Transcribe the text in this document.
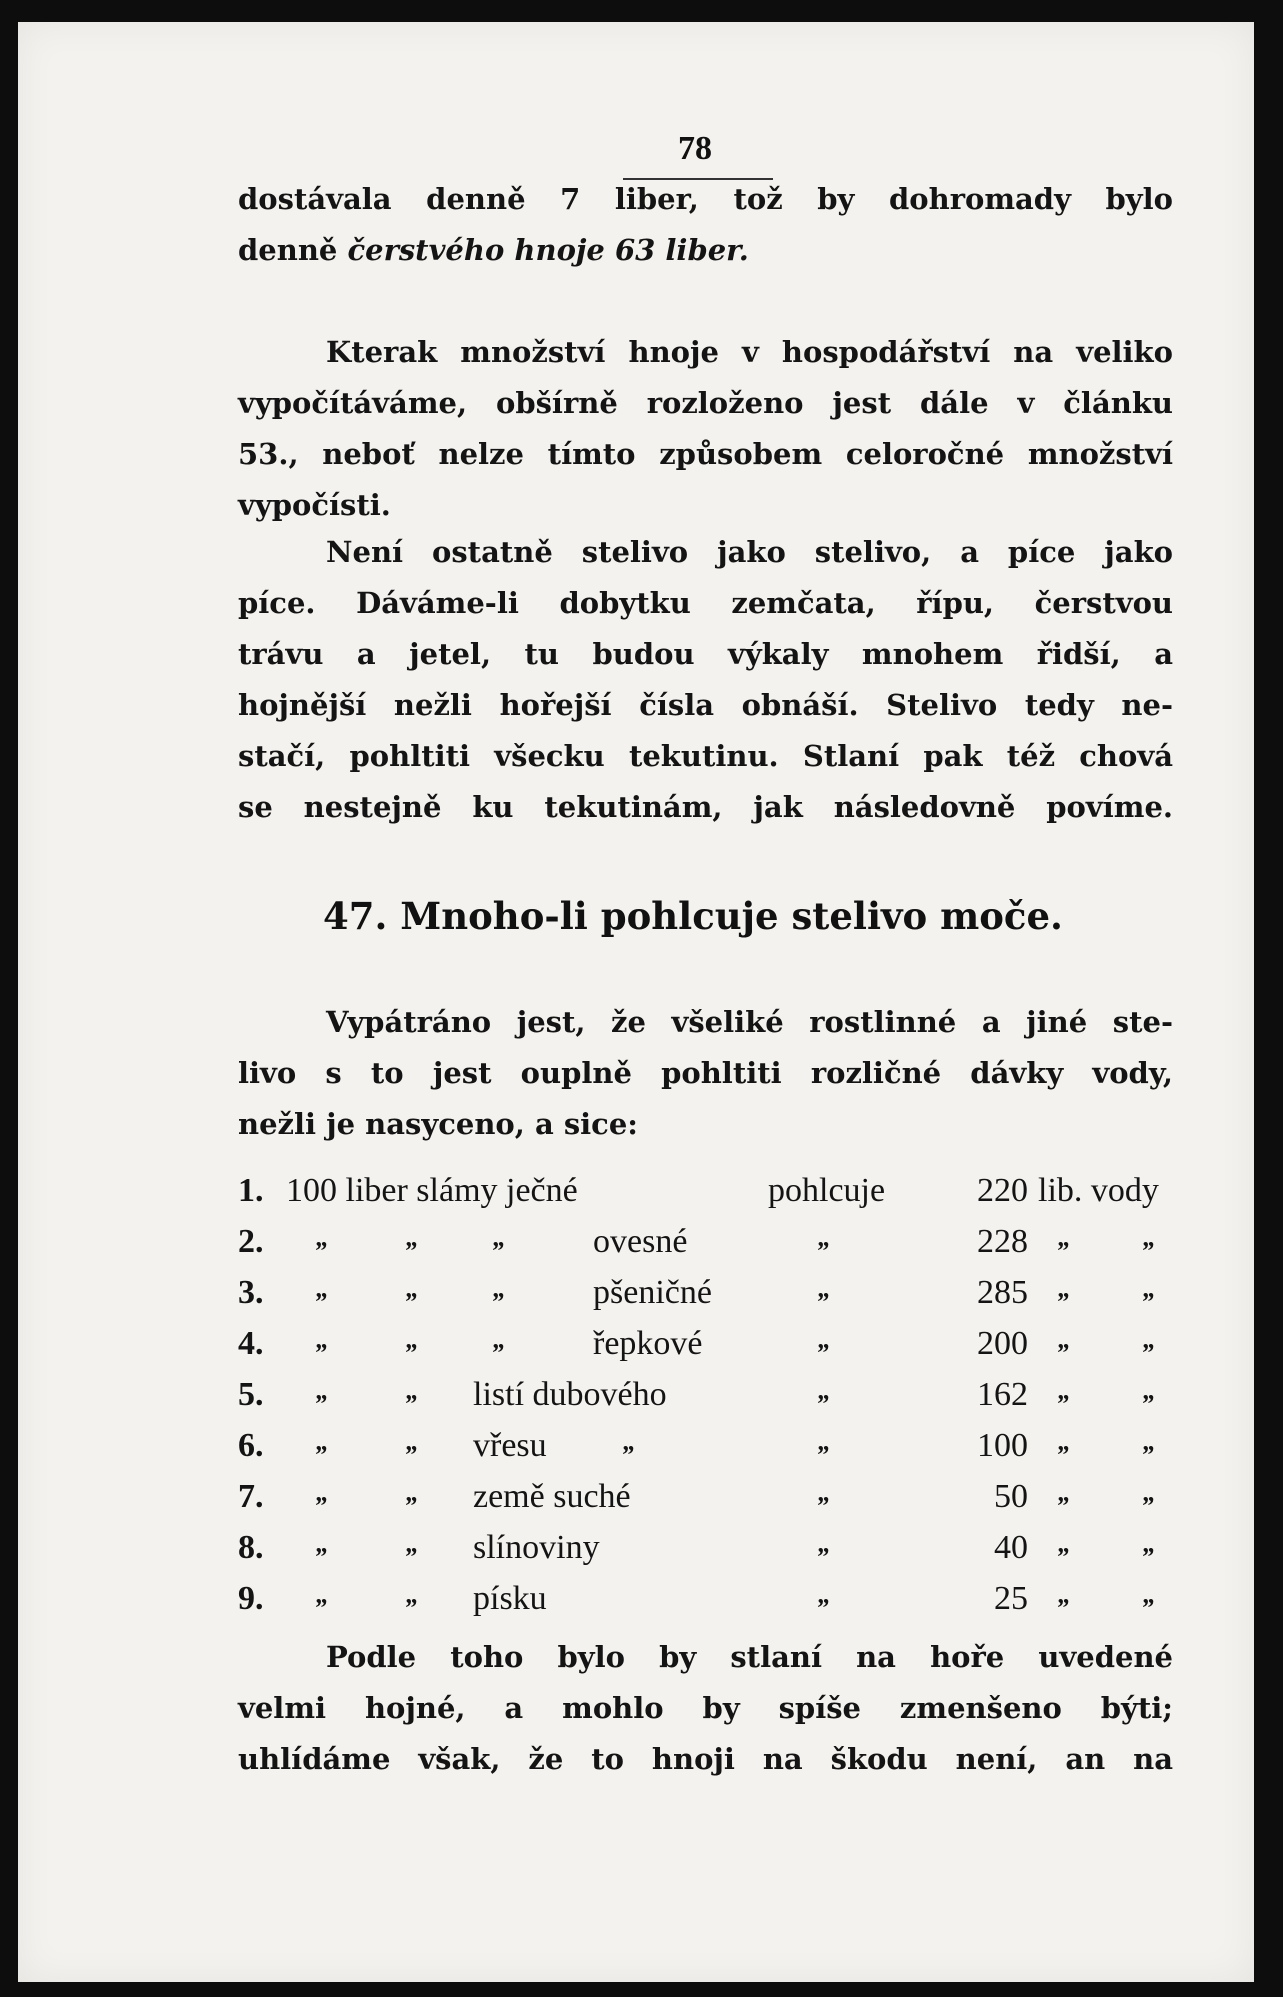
78
dostávala denně 7 liber, tož by dohromady bylo
denně čerstvého hnoje 63 liber.
Kterak množství hnoje v hospodářství na veliko
vypočítáváme, obšírně rozloženo jest dále v článku
53., neboť nelze tímto způsobem celoročné množství
vypočísti.
Není ostatně stelivo jako stelivo, a píce jako
píce. Dáváme-li dobytku zemčata, řípu, čerstvou
trávu a jetel, tu budou výkaly mnohem řidší, a
hojnější nežli hořejší čísla obnáší. Stelivo tedy ne-
stačí, pohltiti všecku tekutinu. Stlaní pak též chová
se nestejně ku tekutinám, jak následovně povíme.
47. Mnoho-li pohlcuje stelivo moče.
Vypátráno jest, že všeliké rostlinné a jiné ste-
livo s to jest ouplně pohltiti rozličné dávky vody,
nežli je nasyceno, a sice:
1. 100 liber slámy ječné	pohlcuje	220 lib. vody
2. „	„	„	ovesné	„	228 „	„
3. „	„	„	pšeničné	„	285 „	„
4. „	„	„	řepkové	„	200 „	„
5. „	„ listí dubového	„	162 „	„
6. „	„ vřesu	„	„	100 „	„
7. „	„ země suché	„	50 „	„
8. „	„ slínoviny	„	40 „	„
9. „	„ písku	„	25 „	„
Podle toho bylo by stlaní na hoře uvedené
velmi hojné, a mohlo by spíše zmenšeno býti;
uhlídáme však, že to hnoji na škodu není, an na
